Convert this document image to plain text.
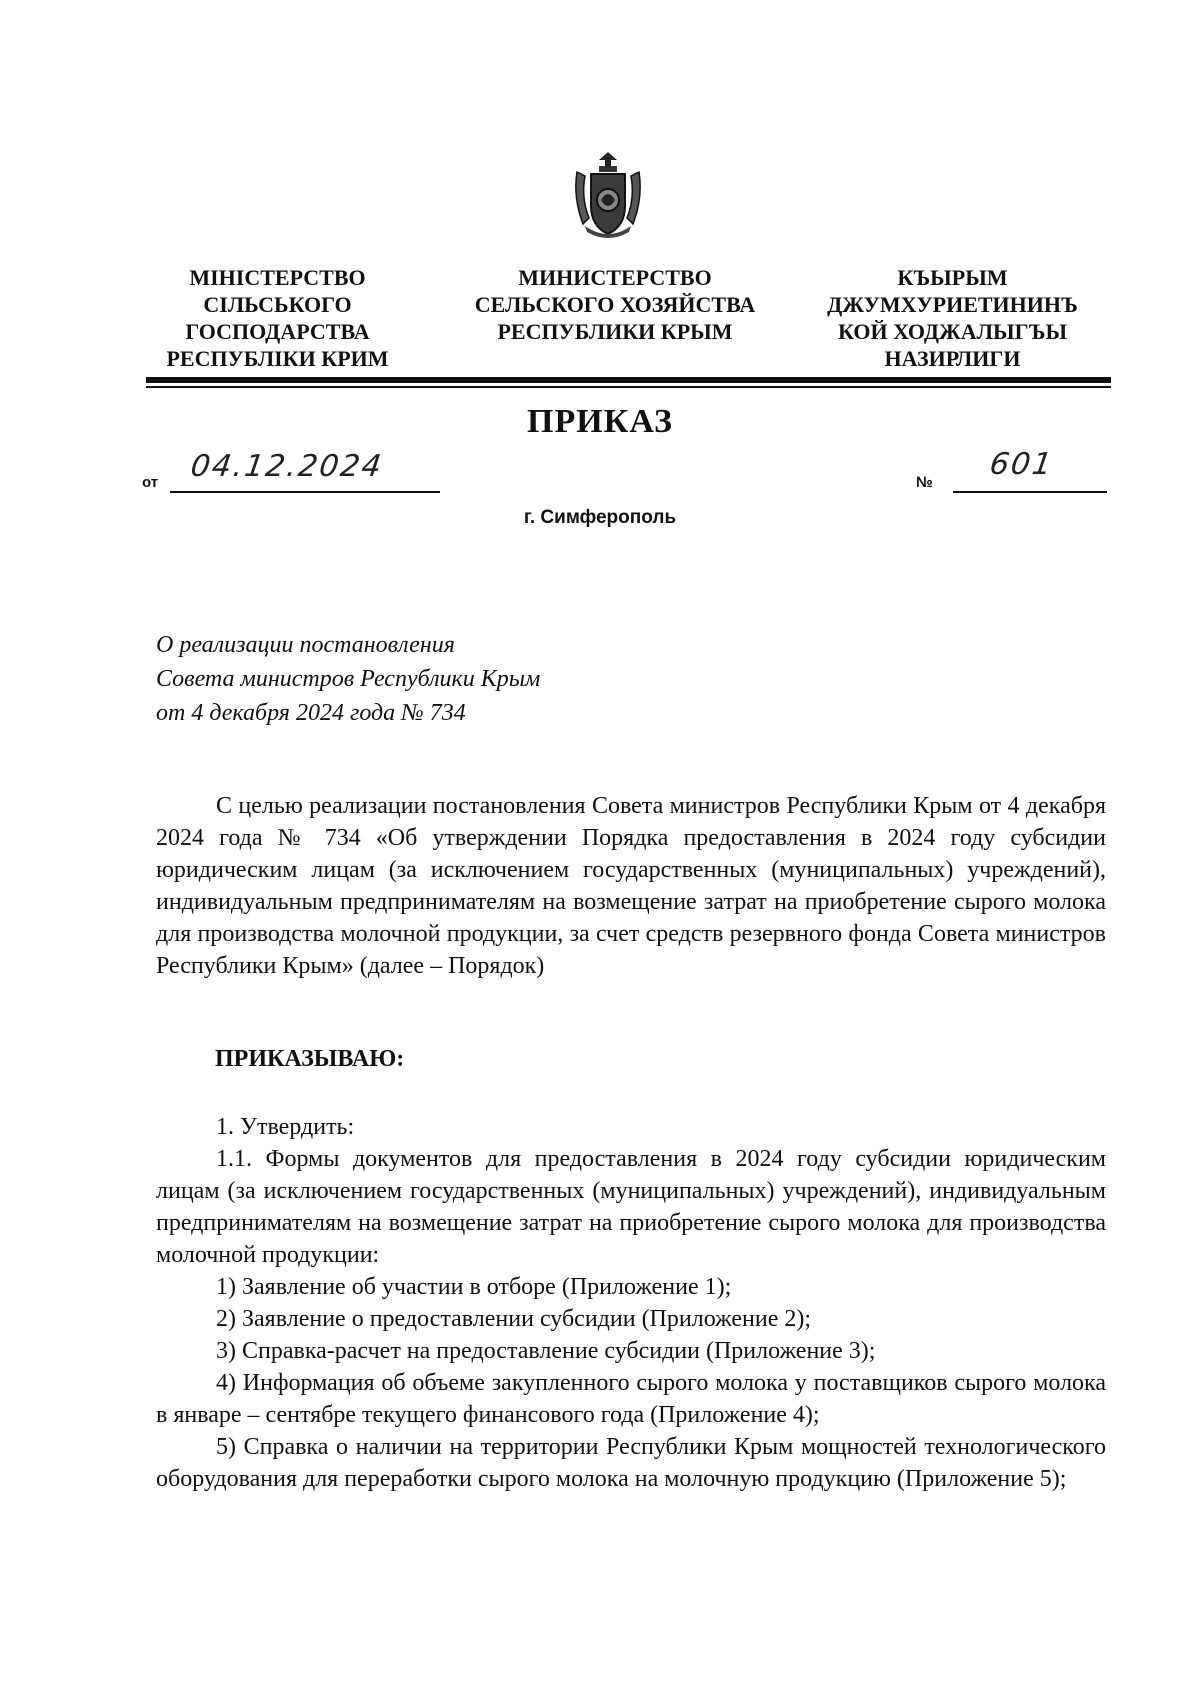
МІНІСТЕРСТВО
СІЛЬСЬКОГО
ГОСПОДАРСТВА
РЕСПУБЛІКИ КРИМ
МИНИСТЕРСТВО
СЕЛЬСКОГО ХОЗЯЙСТВА
РЕСПУБЛИКИ КРЫМ
КЪЫРЫМ
ДЖУМХУРИЕТИНИНЪ
КОЙ ХОДЖАЛЫГЪЫ
НАЗИРЛИГИ
ПРИКАЗ
от 04.12.2024	№
601
г. Симферополь
О реализации постановления
Совета министров Республики Крым
от 4 декабря 2024 года № 734

С целью реализации постановления Совета министров Республики Крым от 4 декабря 2024 года № 734 «Об утверждении Порядка предоставления в 2024 году субсидии юридическим лицам (за исключением государственных (муниципальных) учреждений), индивидуальным предпринимателям на возмещение затрат на приобретение сырого молока для производства молочной продукции, за счет средств резервного фонда Совета министров Республики Крым» (далее – Порядок)

ПРИКАЗЫВАЮ:

1. Утвердить:

1.1. Формы документов для предоставления в 2024 году субсидии юридическим лицам (за исключением государственных (муниципальных) учреждений), индивидуальным предпринимателям на возмещение затрат на приобретение сырого молока для производства молочной продукции:

1) Заявление об участии в отборе (Приложение 1);

2) Заявление о предоставлении субсидии (Приложение 2);

3) Справка-расчет на предоставление субсидии (Приложение 3);

4) Информация об объеме закупленного сырого молока у поставщиков сырого молока в январе – сентябре текущего финансового года (Приложение 4);

5) Справка о наличии на территории Республики Крым мощностей технологического оборудования для переработки сырого молока на молочную продукцию (Приложение 5);
